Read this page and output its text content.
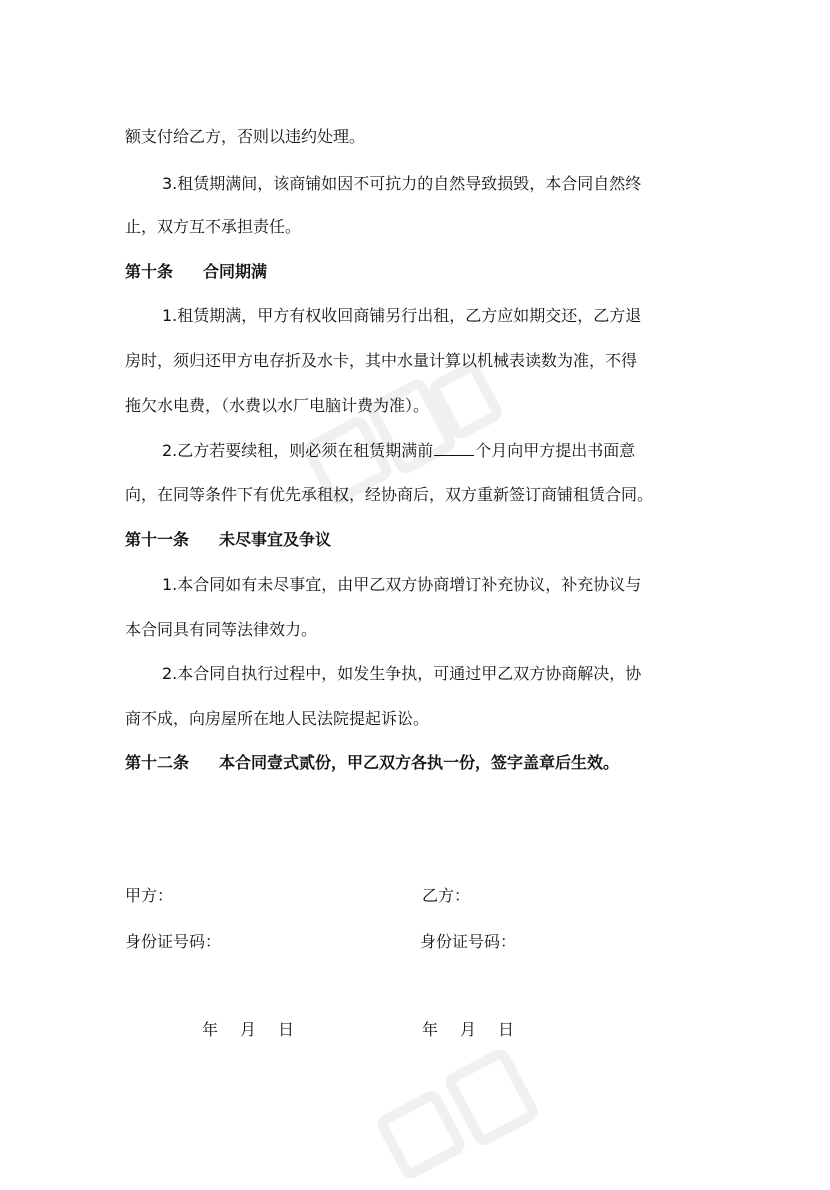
额支付给乙方，否则以违约处理。
3.租赁期满间，该商铺如因不可抗力的自然导致损毁，本合同自然终
止，双方互不承担责任。
第十条 合同期满
1.租赁期满，甲方有权收回商铺另行出租，乙方应如期交还，乙方退
房时，须归还甲方电存折及水卡，其中水量计算以机械表读数为准，不得
拖欠水电费，（水费以水厂电脑计费为准）。
2.乙方若要续租，则必须在租赁期满前	个月向甲方提出书面意
向，在同等条件下有优先承租权，经协商后，双方重新签订商铺租赁合同。
第十一条 未尽事宜及争议
1.本合同如有未尽事宜，由甲乙双方协商增订补充协议，补充协议与
本合同具有同等法律效力。
2.本合同自执行过程中，如发生争执，可通过甲乙双方协商解决，协
商不成，向房屋所在地人民法院提起诉讼。
第十二条 本合同壹式贰份，甲乙双方各执一份，签字盖章后生效。
甲方：	乙方：
身份证号码：	身份证号码：
年 月 日	年 月 日
